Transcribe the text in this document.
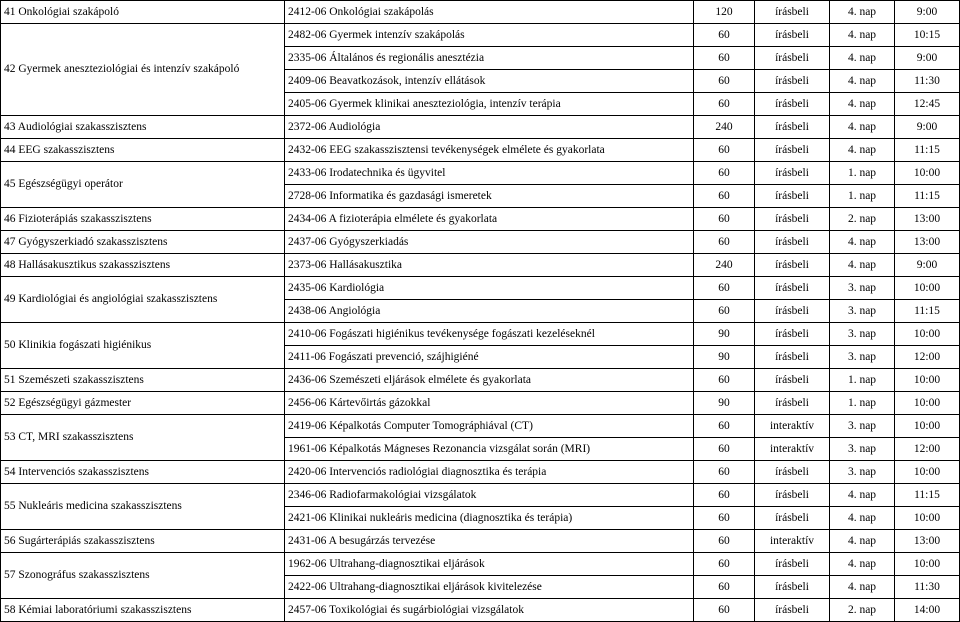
41 Onkológiai szakápoló	2412-06 Onkológiai szakápolás	120	írásbeli	4. nap	9:00
42 Gyermek aneszteziológiai és intenzív szakápoló	2482-06 Gyermek intenzív szakápolás	60	írásbeli	4. nap	10:15
	2335-06 Általános és regionális anesztézia	60	írásbeli	4. nap	9:00
	2409-06 Beavatkozások, intenzív ellátások	60	írásbeli	4. nap	11:30
	2405-06 Gyermek klinikai aneszteziológia, intenzív terápia	60	írásbeli	4. nap	12:45
43 Audiológiai szakasszisztens	2372-06 Audiológia	240	írásbeli	4. nap	9:00
44 EEG szakasszisztens	2432-06 EEG szakasszisztensi tevékenységek elmélete és gyakorlata	60	írásbeli	4. nap	11:15
45 Egészségügyi operátor	2433-06 Irodatechnika és ügyvitel	60	írásbeli	1. nap	10:00
	2728-06 Informatika és gazdasági ismeretek	60	írásbeli	1. nap	11:15
46 Fizioterápiás szakasszisztens	2434-06 A fizioterápia elmélete és gyakorlata	60	írásbeli	2. nap	13:00
47 Gyógyszerkiadó szakasszisztens	2437-06 Gyógyszerkiadás	60	írásbeli	4. nap	13:00
48 Hallásakusztikus szakasszisztens	2373-06 Hallásakusztika	240	írásbeli	4. nap	9:00
49 Kardiológiai és angiológiai szakasszisztens	2435-06 Kardiológia	60	írásbeli	3. nap	10:00
	2438-06 Angiológia	60	írásbeli	3. nap	11:15
50 Klinikia fogászati higiénikus	2410-06 Fogászati higiénikus tevékenysége fogászati kezeléseknél	90	írásbeli	3. nap	10:00
	2411-06 Fogászati prevenció, szájhigiéné	90	írásbeli	3. nap	12:00
51 Szemészeti szakasszisztens	2436-06 Szemészeti eljárások elmélete és gyakorlata	60	írásbeli	1. nap	10:00
52 Egészségügyi gázmester	2456-06 Kártevőirtás gázokkal	90	írásbeli	1. nap	10:00
53 CT, MRI szakasszisztens	2419-06 Képalkotás Computer Tomográphiával (CT)	60	interaktív	3. nap	10:00
	1961-06 Képalkotás Mágneses Rezonancia vizsgálat során (MRI)	60	interaktív	3. nap	12:00
54 Intervenciós szakasszisztens	2420-06 Intervenciós radiológiai diagnosztika és terápia	60	írásbeli	3. nap	10:00
55 Nukleáris medicina szakasszisztens	2346-06 Radiofarmakológiai vizsgálatok	60	írásbeli	4. nap	11:15
	2421-06 Klinikai nukleáris medicina (diagnosztika és terápia)	60	írásbeli	4. nap	10:00
56 Sugárterápiás szakasszisztens	2431-06 A besugárzás tervezése	60	interaktív	4. nap	13:00
57 Szonográfus szakasszisztens	1962-06 Ultrahang-diagnosztikai eljárások	60	írásbeli	4. nap	10:00
	2422-06 Ultrahang-diagnosztikai eljárások kivitelezése	60	írásbeli	4. nap	11:30
58 Kémiai laboratóriumi szakasszisztens	2457-06 Toxikológiai és sugárbiológiai vizsgálatok	60	írásbeli	2. nap	14:00
